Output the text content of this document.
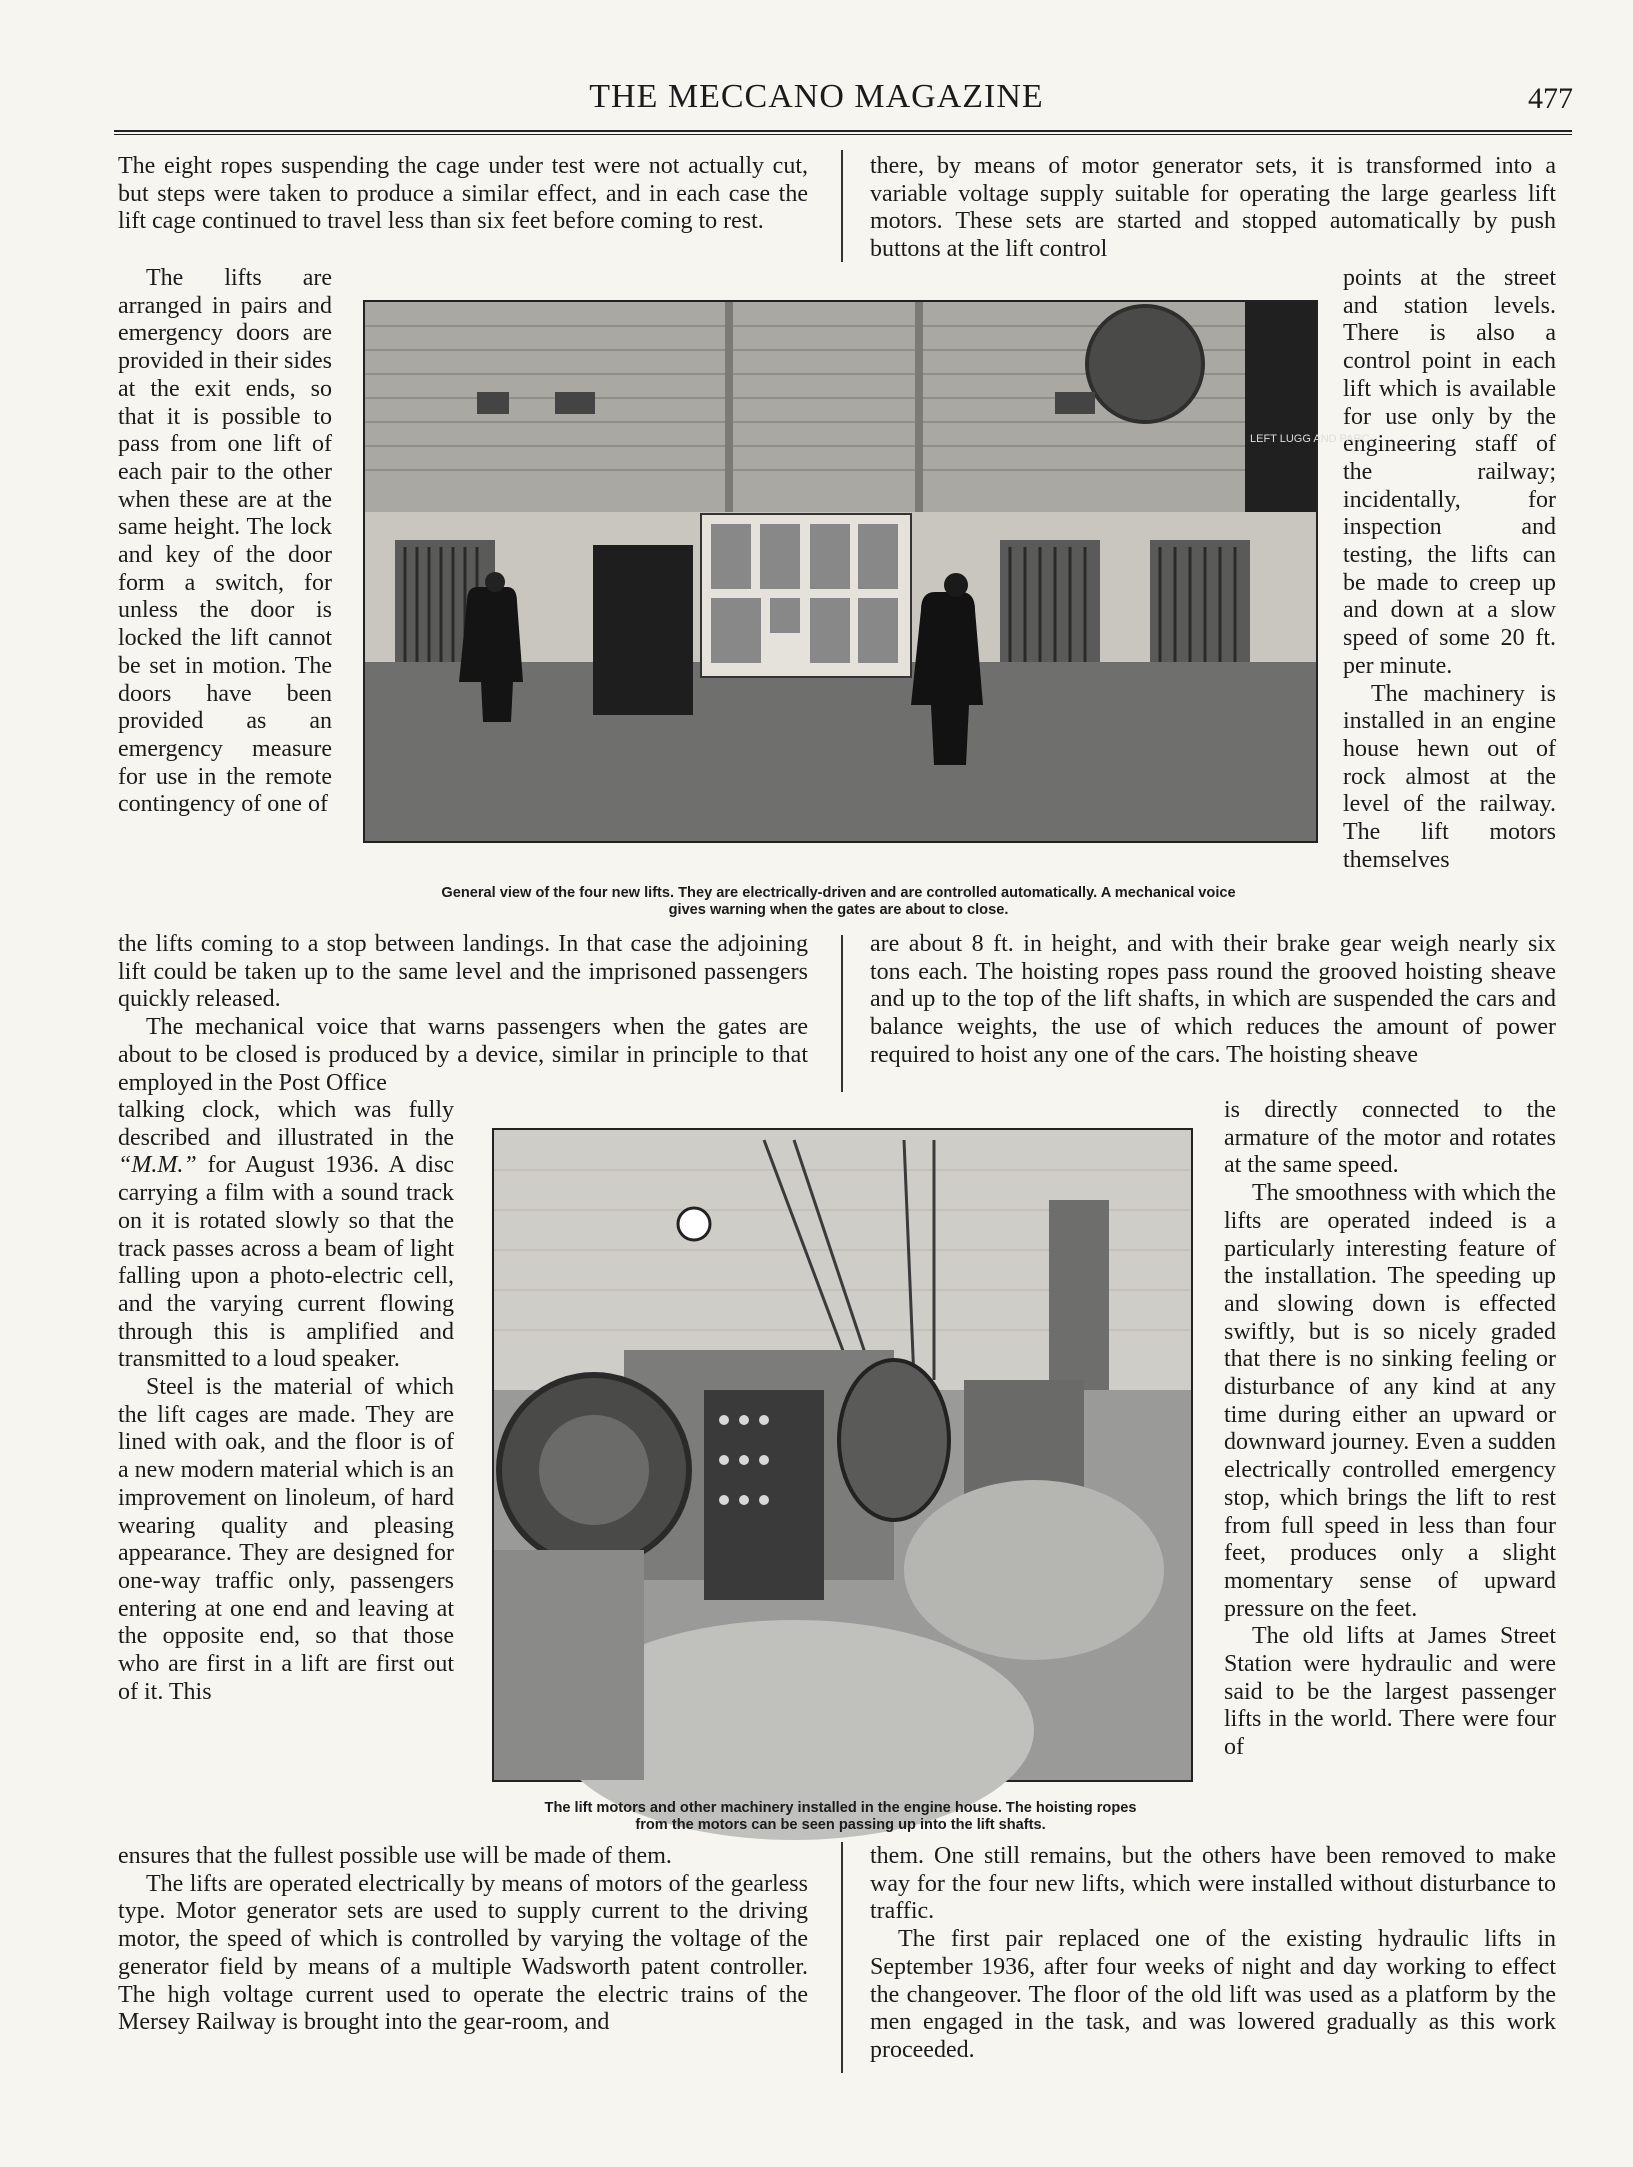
THE MECCANO MAGAZINE	477

The eight ropes suspending the cage under test were not actually cut, but steps were taken to produce a similar effect, and in each case the lift cage continued to travel less than six feet before coming to rest.

there, by means of motor generator sets, it is transformed into a variable voltage supply suitable for operating the large gearless lift motors. These sets are started and stopped automatically by push buttons at the lift control

The lifts are arranged in pairs and emergency doors are provided in their sides at the exit ends, so that it is possible to pass from one lift of each pair to the other when these are at the same height. The lock and key of the door form a switch, for unless the door is locked the lift cannot be set in motion. The doors have been provided as an emergency measure for use in the remote contingency of one of

points at the street and station levels. There is also a control point in each lift which is available for use only by the engineering staff of the railway; incidentally, for inspection and testing, the lifts can be made to creep up and down at a slow speed of some 20 ft. per minute.

The machinery is installed in an engine house hewn out of rock almost at the level of the railway. The lift motors themselves

LEFT LUGG AND PARC

General view of the four new lifts. They are electrically-driven and are controlled automatically. A mechanical voice

gives warning when the gates are about to close.

the lifts coming to a stop between landings. In that case the adjoining lift could be taken up to the same level and the imprisoned passengers quickly released.

The mechanical voice that warns passengers when the gates are about to be closed is produced by a device, similar in principle to that employed in the Post Office

are about 8 ft. in height, and with their brake gear weigh nearly six tons each. The hoisting ropes pass round the grooved hoisting sheave and up to the top of the lift shafts, in which are suspended the cars and balance weights, the use of which reduces the amount of power required to hoist any one of the cars. The hoisting sheave

talking clock, which was fully described and illustrated in the “M.M.” for August 1936. A disc carrying a film with a sound track on it is rotated slowly so that the track passes across a beam of light falling upon a photo-electric cell, and the varying current flowing through this is amplified and transmitted to a loud speaker.

Steel is the material of which the lift cages are made. They are lined with oak, and the floor is of a new modern material which is an improvement on linoleum, of hard wearing quality and pleasing appearance. They are designed for one-way traffic only, passengers entering at one end and leaving at the opposite end, so that those who are first in a lift are first out of it. This

is directly connected to the armature of the motor and rotates at the same speed.

The smoothness with which the lifts are operated indeed is a particularly interesting feature of the installation. The speeding up and slowing down is effected swiftly, but is so nicely graded that there is no sinking feeling or disturbance of any kind at any time during either an upward or downward journey. Even a sudden electrically controlled emergency stop, which brings the lift to rest from full speed in less than four feet, produces only a slight momentary sense of upward pressure on the feet.

The old lifts at James Street Station were hydraulic and were said to be the largest passenger lifts in the world. There were four of

The lift motors and other machinery installed in the engine house. The hoisting ropes

from the motors can be seen passing up into the lift shafts.

ensures that the fullest possible use will be made of them.

The lifts are operated electrically by means of motors of the gearless type. Motor generator sets are used to supply current to the driving motor, the speed of which is controlled by varying the voltage of the generator field by means of a multiple Wadsworth patent controller. The high voltage current used to operate the electric trains of the Mersey Railway is brought into the gear-room, and

them. One still remains, but the others have been removed to make way for the four new lifts, which were installed without disturbance to traffic.

The first pair replaced one of the existing hydraulic lifts in September 1936, after four weeks of night and day working to effect the changeover. The floor of the old lift was used as a platform by the men engaged in the task, and was lowered gradually as this work proceeded.
